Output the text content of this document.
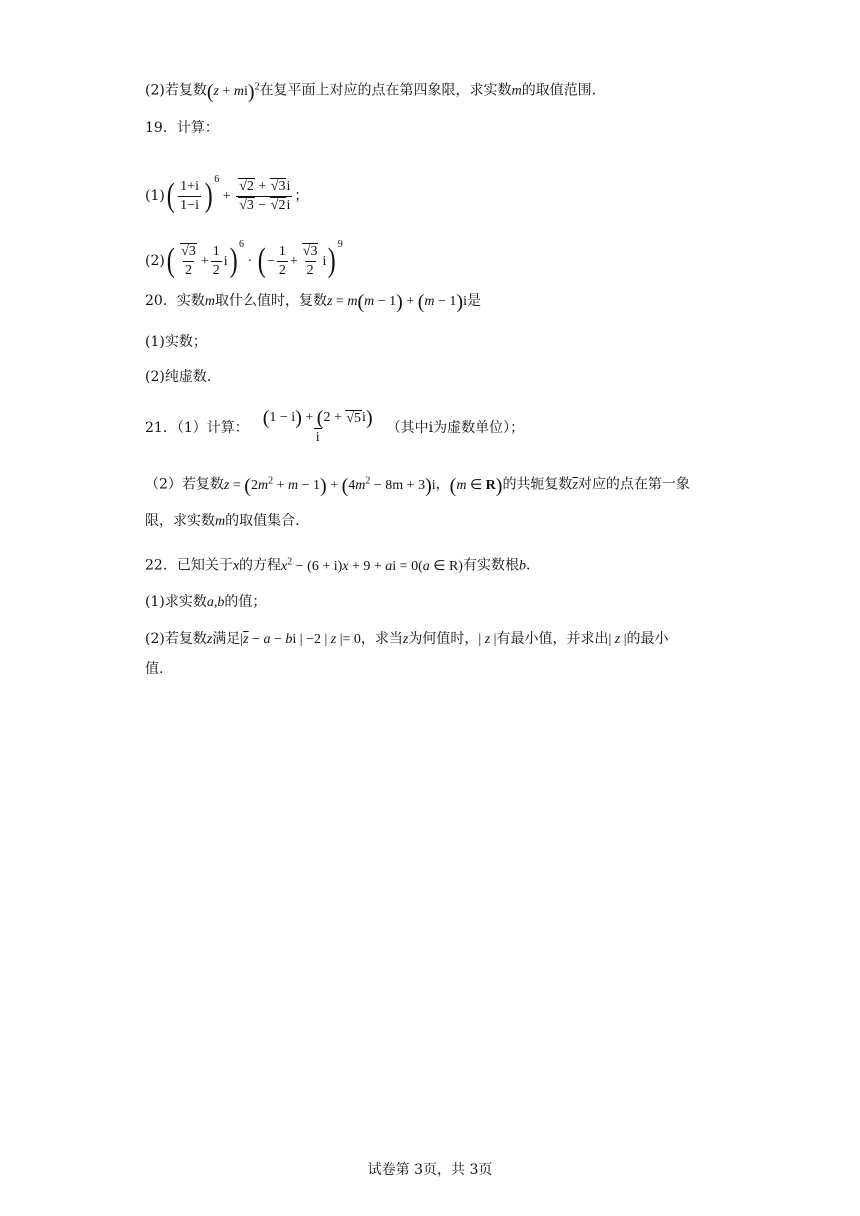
(2)若复数(z + mi)$^2$在复平面上对应的点在第四象限，求实数m的取值范围.
19．计算：
$(1)( \frac{1+i}{1-i}$ ) $^6 + \frac{√2 + √3i}{√3 - √2i}$ ；
$(2)( \frac{√3}{2} + \frac{1}{2} i)$ $^6$ · ( − $\frac{1}{2} + \frac{√3}{2} i$) $^9$
20．实数m取什么值时，复数z = m(m − 1) + (m − 1)i是
(1)实数；
(2)纯虚数.
21．（1）计算： $\frac{(1 - i) + (2 + √5i)}{i}$ （其中i为虚数单位）；
（2）若复数$z = (2m^2 + m - 1) + (4m^2 - 8m + 3)i$，(m ∈ R)的共轭复数$\overline{z}$对应的点在第一象
限，求实数m的取值集合.
22．已知关于x的方程$x^2 - (6 + i)x + 9$ + ai = 0(a ∈ R)有实数根b.
(1)求实数a,b的值；
(2)若复数z满足$|\overline{z} - a$ − bi | −2 | z |= 0，求当z为何值时，| z |有最小值，并求出| z |的最小
值.
试卷第 3页，共 3页
